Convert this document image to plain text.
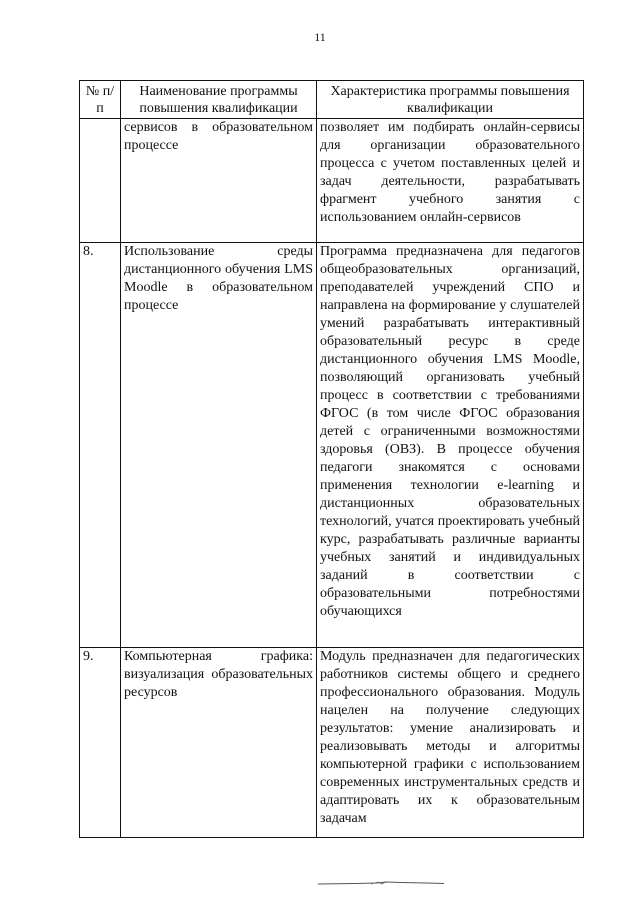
11
№ п/п	Наименование программы повышения квалификации	Характеристика программы повышения квалификации
	сервисов в образовательном процессе	позволяет им подбирать онлайн-сервисы для организации образовательного процесса с учетом поставленных целей и задач деятельности, разрабатывать фрагмент учебного занятия с использованием онлайн-сервисов
8.	Использование среды дистанционного обучения LMS Moodle в образовательном процессе	Программа предназначена для педагогов общеобразовательных организаций, преподавателей учреждений СПО и направлена на формирование у слушателей умений разрабатывать интерактивный образовательный ресурс в среде дистанционного обучения LMS Moodle, позволяющий организовать учебный процесс в соответствии с требованиями ФГОС (в том числе ФГОС образования детей с ограниченными возможностями здоровья (ОВЗ). В процессе обучения педагоги знакомятся с основами применения технологии e-learning и дистанционных образовательных технологий, учатся проектировать учебный курс, разрабатывать различные варианты учебных занятий и индивидуальных заданий в соответствии с образовательными потребностями обучающихся
9.	Компьютерная графика: визуализация образовательных ресурсов	Модуль предназначен для педагогических работников системы общего и среднего профессионального образования. Модуль нацелен на получение следующих результатов: умение анализировать и реализовывать методы и алгоритмы компьютерной графики с использованием современных инструментальных средств и адаптировать их к образовательным задачам
